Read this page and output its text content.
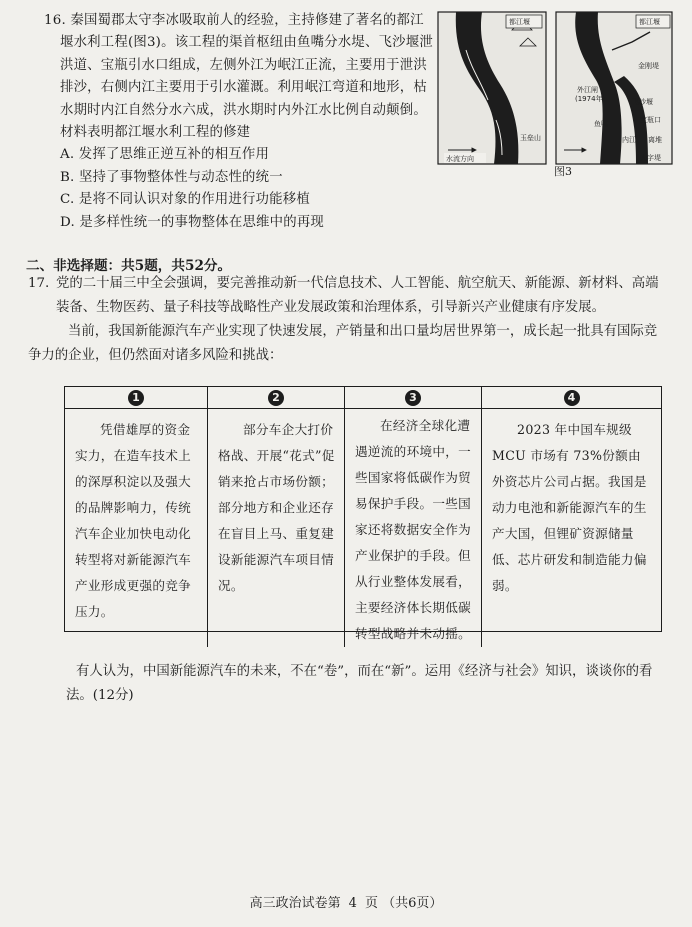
16. 秦国蜀郡太守李冰吸取前人的经验，主持修建了著名的都江堰水利工程(图3)。该工程的渠首枢纽由鱼嘴分水堤、飞沙堰泄洪道、宝瓶引水口组成，左侧外江为岷江正流，主要用于泄洪排沙，右侧内江主要用于引水灌溉。利用岷江弯道和地形，枯水期时内江自然分水六成，洪水期时内外江水比例自动颠倒。材料表明都江堰水利工程的修建
A. 发挥了思维正逆互补的相互作用
B. 坚持了事物整体性与动态性的统一
C. 是将不同认识对象的作用进行功能移植
D. 是多样性统一的事物整体在思维中的再现
都江堰
玉垒山
水流方向
都江堰
金刚堤
外江闸
(1974年)
鱼嘴
飞沙堰
宝瓶口
内江 离堆
人字堤
图3
二、非选择题：共5题，共52分。
17. 党的二十届三中全会强调，要完善推动新一代信息技术、人工智能、航空航天、新能源、新材料、高端装备、生物医药、量子科技等战略性产业发展政策和治理体系，引导新兴产业健康有序发展。
当前，我国新能源汽车产业实现了快速发展，产销量和出口量均居世界第一，成长起一批具有国际竞争力的企业，但仍然面对诸多风险和挑战：
1
凭借雄厚的资金实力，在造车技术上的深厚积淀以及强大的品牌影响力，传统汽车企业加快电动化转型将对新能源汽车产业形成更强的竞争压力。
2
部分车企大打价格战、开展“花式”促销来抢占市场份额；部分地方和企业还存在盲目上马、重复建设新能源汽车项目情况。
3
在经济全球化遭遇逆流的环境中，一些国家将低碳作为贸易保护手段。一些国家还将数据安全作为产业保护的手段。但从行业整体发展看，主要经济体长期低碳转型战略并未动摇。
4
2023 年中国车规级 MCU 市场有 73%份额由外资芯片公司占据。我国是动力电池和新能源汽车的生产大国，但锂矿资源储量低、芯片研发和制造能力偏弱。
有人认为，中国新能源汽车的未来，不在“卷”，而在“新”。运用《经济与社会》知识，谈谈你的看法。(12分)
高三政治试卷第 4 页 （共6页）
